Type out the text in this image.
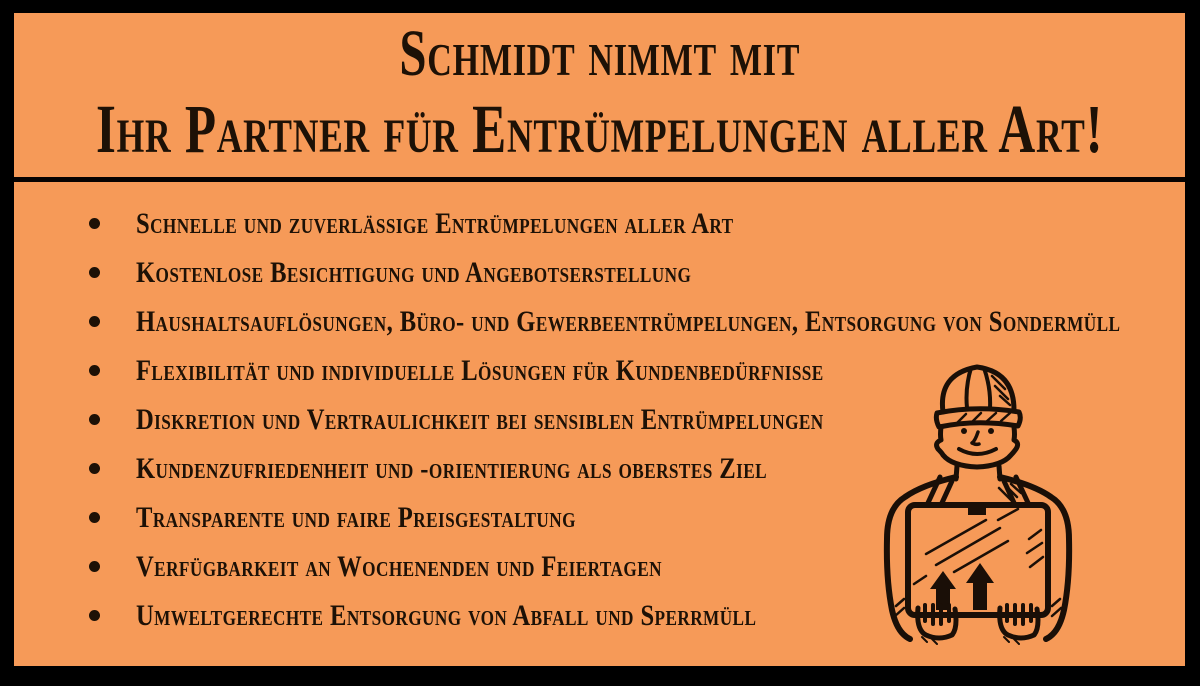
Schmidt nimmt mit
Ihr Partner für Entrümpelungen aller Art!
Schnelle und zuverlässige Entrümpelungen aller Art
Kostenlose Besichtigung und Angebotserstellung
Haushaltsauflösungen, Büro- und Gewerbeentrümpelungen, Entsorgung von Sondermüll
Flexibilität und individuelle Lösungen für Kundenbedürfnisse
Diskretion und Vertraulichkeit bei sensiblen Entrümpelungen
Kundenzufriedenheit und -orientierung als oberstes Ziel
Transparente und faire Preisgestaltung
Verfügbarkeit an Wochenenden und Feiertagen
Umweltgerechte Entsorgung von Abfall und Sperrmüll
